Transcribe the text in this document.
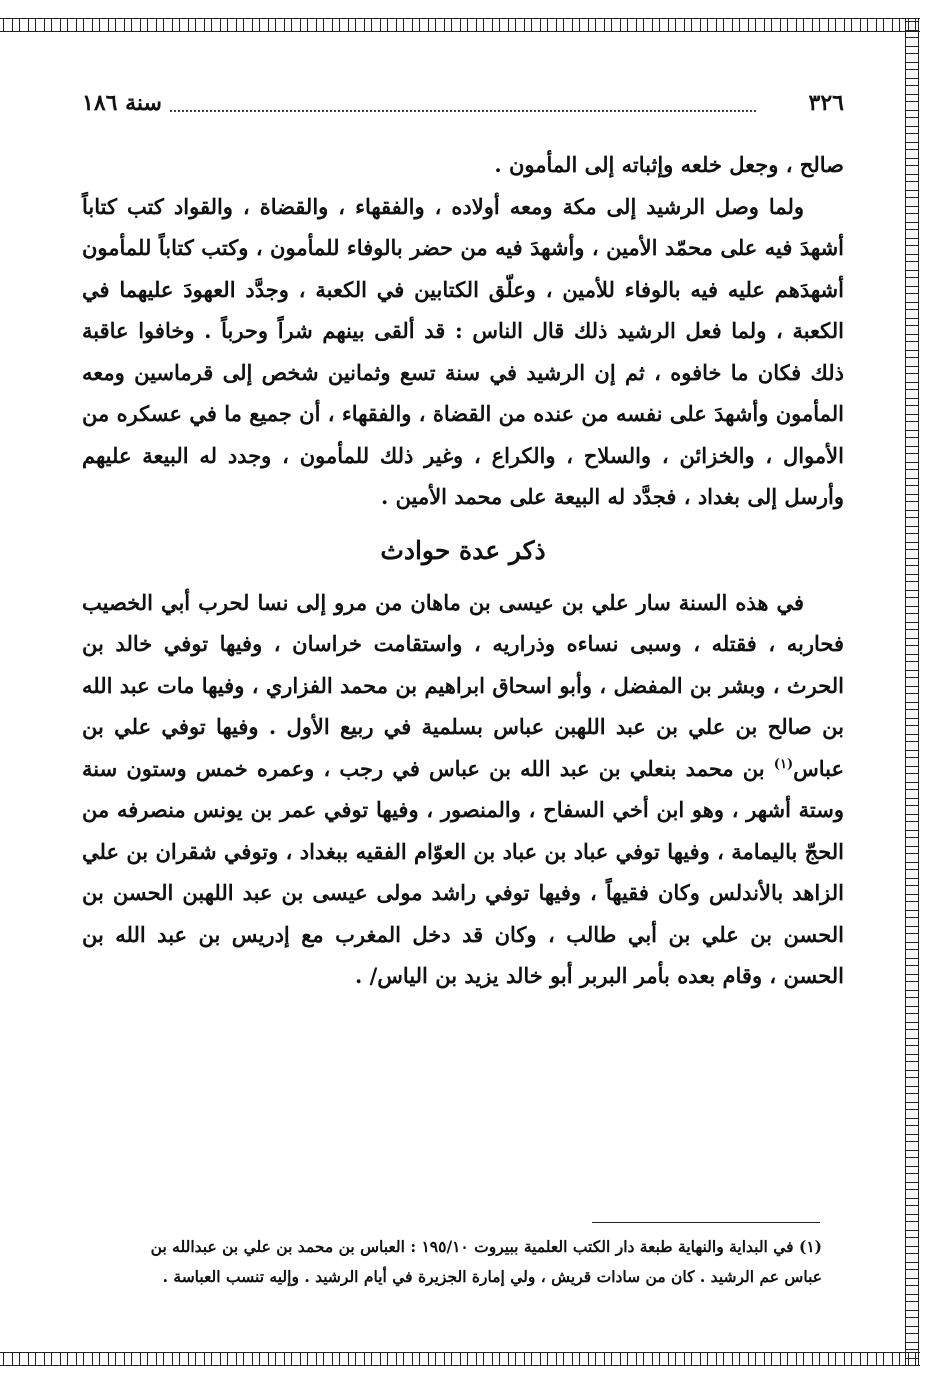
٣٢٦
سنة ١٨٦

صالح ، وجعل خلعه وإثباته إلى المأمون .

ولما وصل الرشيد إلى مكة ومعه أولاده ، والفقهاء ، والقضاة ، والقواد كتب كتاباً أشهدَ فيه على محمّد الأمين ، وأشهدَ فيه من حضر بالوفاء للمأمون ، وكتب كتاباً للمأمون أشهدَهم عليه فيه بالوفاء للأمين ، وعلّق الكتابين في الكعبة ، وجدَّد العهودَ عليهما في الكعبة ، ولما فعل الرشيد ذلك قال الناس : قد ألقى بينهم شراً وحرباً . وخافوا عاقبة ذلك فكان ما خافوه ، ثم إن الرشيد في سنة تسع وثمانين شخص إلى قرماسين ومعه المأمون وأشهدَ على نفسه من عنده من القضاة ، والفقهاء ، أن جميع ما في عسكره من الأموال ، والخزائن ، والسلاح ، والكراع ، وغير ذلك للمأمون ، وجدد له البيعة عليهم وأرسل إلى بغداد ، فجدَّد له البيعة على محمد الأمين .

ذكر عدة حوادث

في هذه السنة سار علي بن عيسى بن ماهان من مرو إلى نسا لحرب أبي الخصيب فحاربه ، فقتله ، وسبى نساءه وذراريه ، واستقامت خراسان ، وفيها توفي خالد بن الحرث ، وبشر بن المفضل ، وأبو اسحاق ابراهيم بن محمد الفزاري ، وفيها مات عبد الله بن صالح بن علي بن عبد اللهبن عباس بسلمية في ربيع الأول . وفيها توفي علي بن عباس$^{(١)}$ بن محمد بنعلي بن عبد الله بن عباس في رجب ، وعمره خمس وستون سنة وستة أشهر ، وهو ابن أخي السفاح ، والمنصور ، وفيها توفي عمر بن يونس منصرفه من الحجّ باليمامة ، وفيها توفي عباد بن عباد بن العوّام الفقيه ببغداد ، وتوفي شقران بن علي الزاهد بالأندلس وكان فقيهاً ، وفيها توفي راشد مولى عيسى بن عبد اللهبن الحسن بن الحسن بن علي بن أبي طالب ، وكان قد دخل المغرب مع إدريس بن عبد الله بن الحسن ، وقام بعده بأمر البربر أبو خالد يزيد بن الياس/ .

(١) في البداية والنهاية طبعة دار الكتب العلمية ببيروت ١٩٥/١٠ : العباس بن محمد بن علي بن عبدالله بن

عباس عم الرشيد . كان من سادات قريش ، ولي إمارة الجزيرة في أيام الرشيد . وإليه تنسب العباسة .
